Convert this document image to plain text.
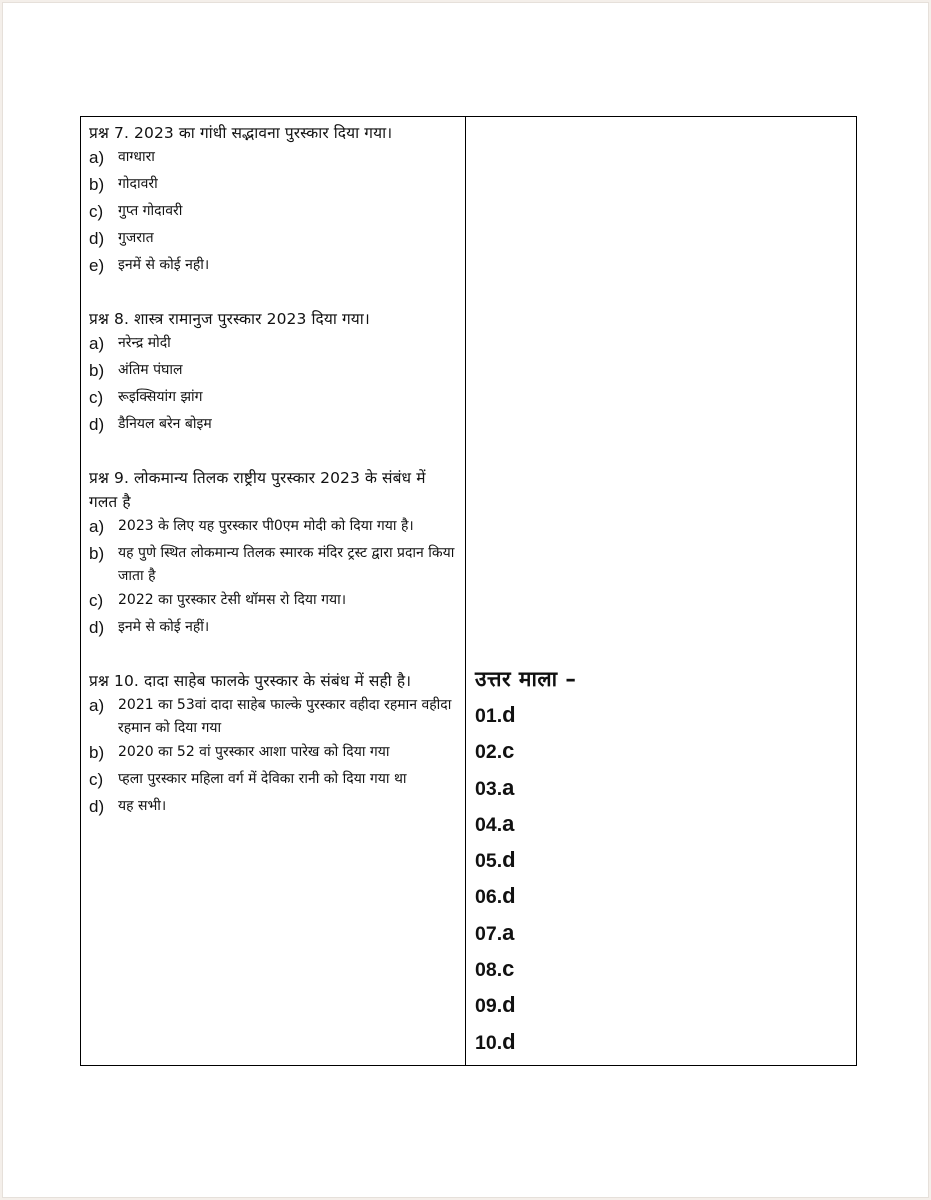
प्रश्न 7. 2023 का गांधी सद्भावना पुरस्कार दिया गया।
a) वाग्धारा
b) गोदावरी
c)	गुप्त गोदावरी
d) गुजरात
e) इनमें से कोई नही।
प्रश्न 8. शास्त्र रामानुज पुरस्कार 2023 दिया गया।
a) नरेन्द्र मोदी
b) अंतिम पंघाल
c)	रूइक्सियांग झांग
d) डैनियल बरेन बोइम
प्रश्न 9. लोकमान्य तिलक राष्ट्रीय पुरस्कार 2023 के संबंध में गलत है
a) 2023 के लिए यह पुरस्कार पी0एम मोदी को दिया गया है।
b) यह पुणे स्थित लोकमान्य तिलक स्मारक मंदिर ट्रस्ट द्वारा प्रदान किया जाता है
c)	2022 का पुरस्कार टेसी थॉमस रो दिया गया।
d) इनमे से कोई नहीं।
प्रश्न 10. दादा साहेब फालके पुरस्कार के संबंध में सही है।
a) 2021 का 53वां दादा साहेब फाल्के पुरस्कार वहीदा रहमान वहीदा रहमान को दिया गया
b) 2020 का 52 वां पुरस्कार आशा पारेख को दिया गया
c)	प्हला पुरस्कार महिला वर्ग में देविका रानी को दिया गया था
d) यह सभी।
उत्तर माला –
01.d
02.c
03.a
04.a
05.d
06.d
07.a
08.c
09.d
10.d
